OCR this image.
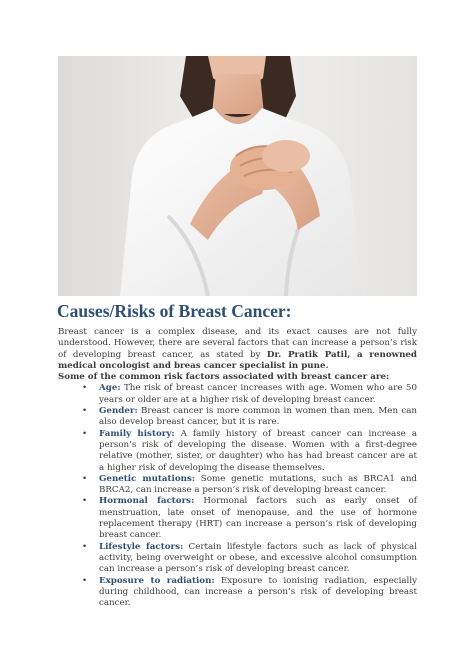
Causes/Risks of Breast Cancer:

Breast cancer is a complex disease, and its exact causes are not fully understood. However, there are several factors that can increase a person’s risk of developing breast cancer, as stated by Dr. Pratik Patil, a renowned medical oncologist and breas cancer specialist in pune.

Some of the common risk factors associated with breast cancer are:

• Age: The risk of breast cancer increases with age. Women who are 50 years or older are at a higher risk of developing breast cancer.
• Gender: Breast cancer is more common in women than men. Men can also develop breast cancer, but it is rare.
• Family history: A family history of breast cancer can increase a person’s risk of developing the disease. Women with a first-degree relative (mother, sister, or daughter) who has had breast cancer are at a higher risk of developing the disease themselves.
• Genetic mutations: Some genetic mutations, such as BRCA1 and BRCA2, can increase a person’s risk of developing breast cancer.
• Hormonal factors: Hormonal factors such as early onset of menstruation, late onset of menopause, and the use of hormone replacement therapy (HRT) can increase a person’s risk of developing breast cancer.
• Lifestyle factors: Certain lifestyle factors such as lack of physical activity, being overweight or obese, and excessive alcohol consumption can increase a person’s risk of developing breast cancer.
• Exposure to radiation: Exposure to ionising radiation, especially during childhood, can increase a person’s risk of developing breast cancer.
